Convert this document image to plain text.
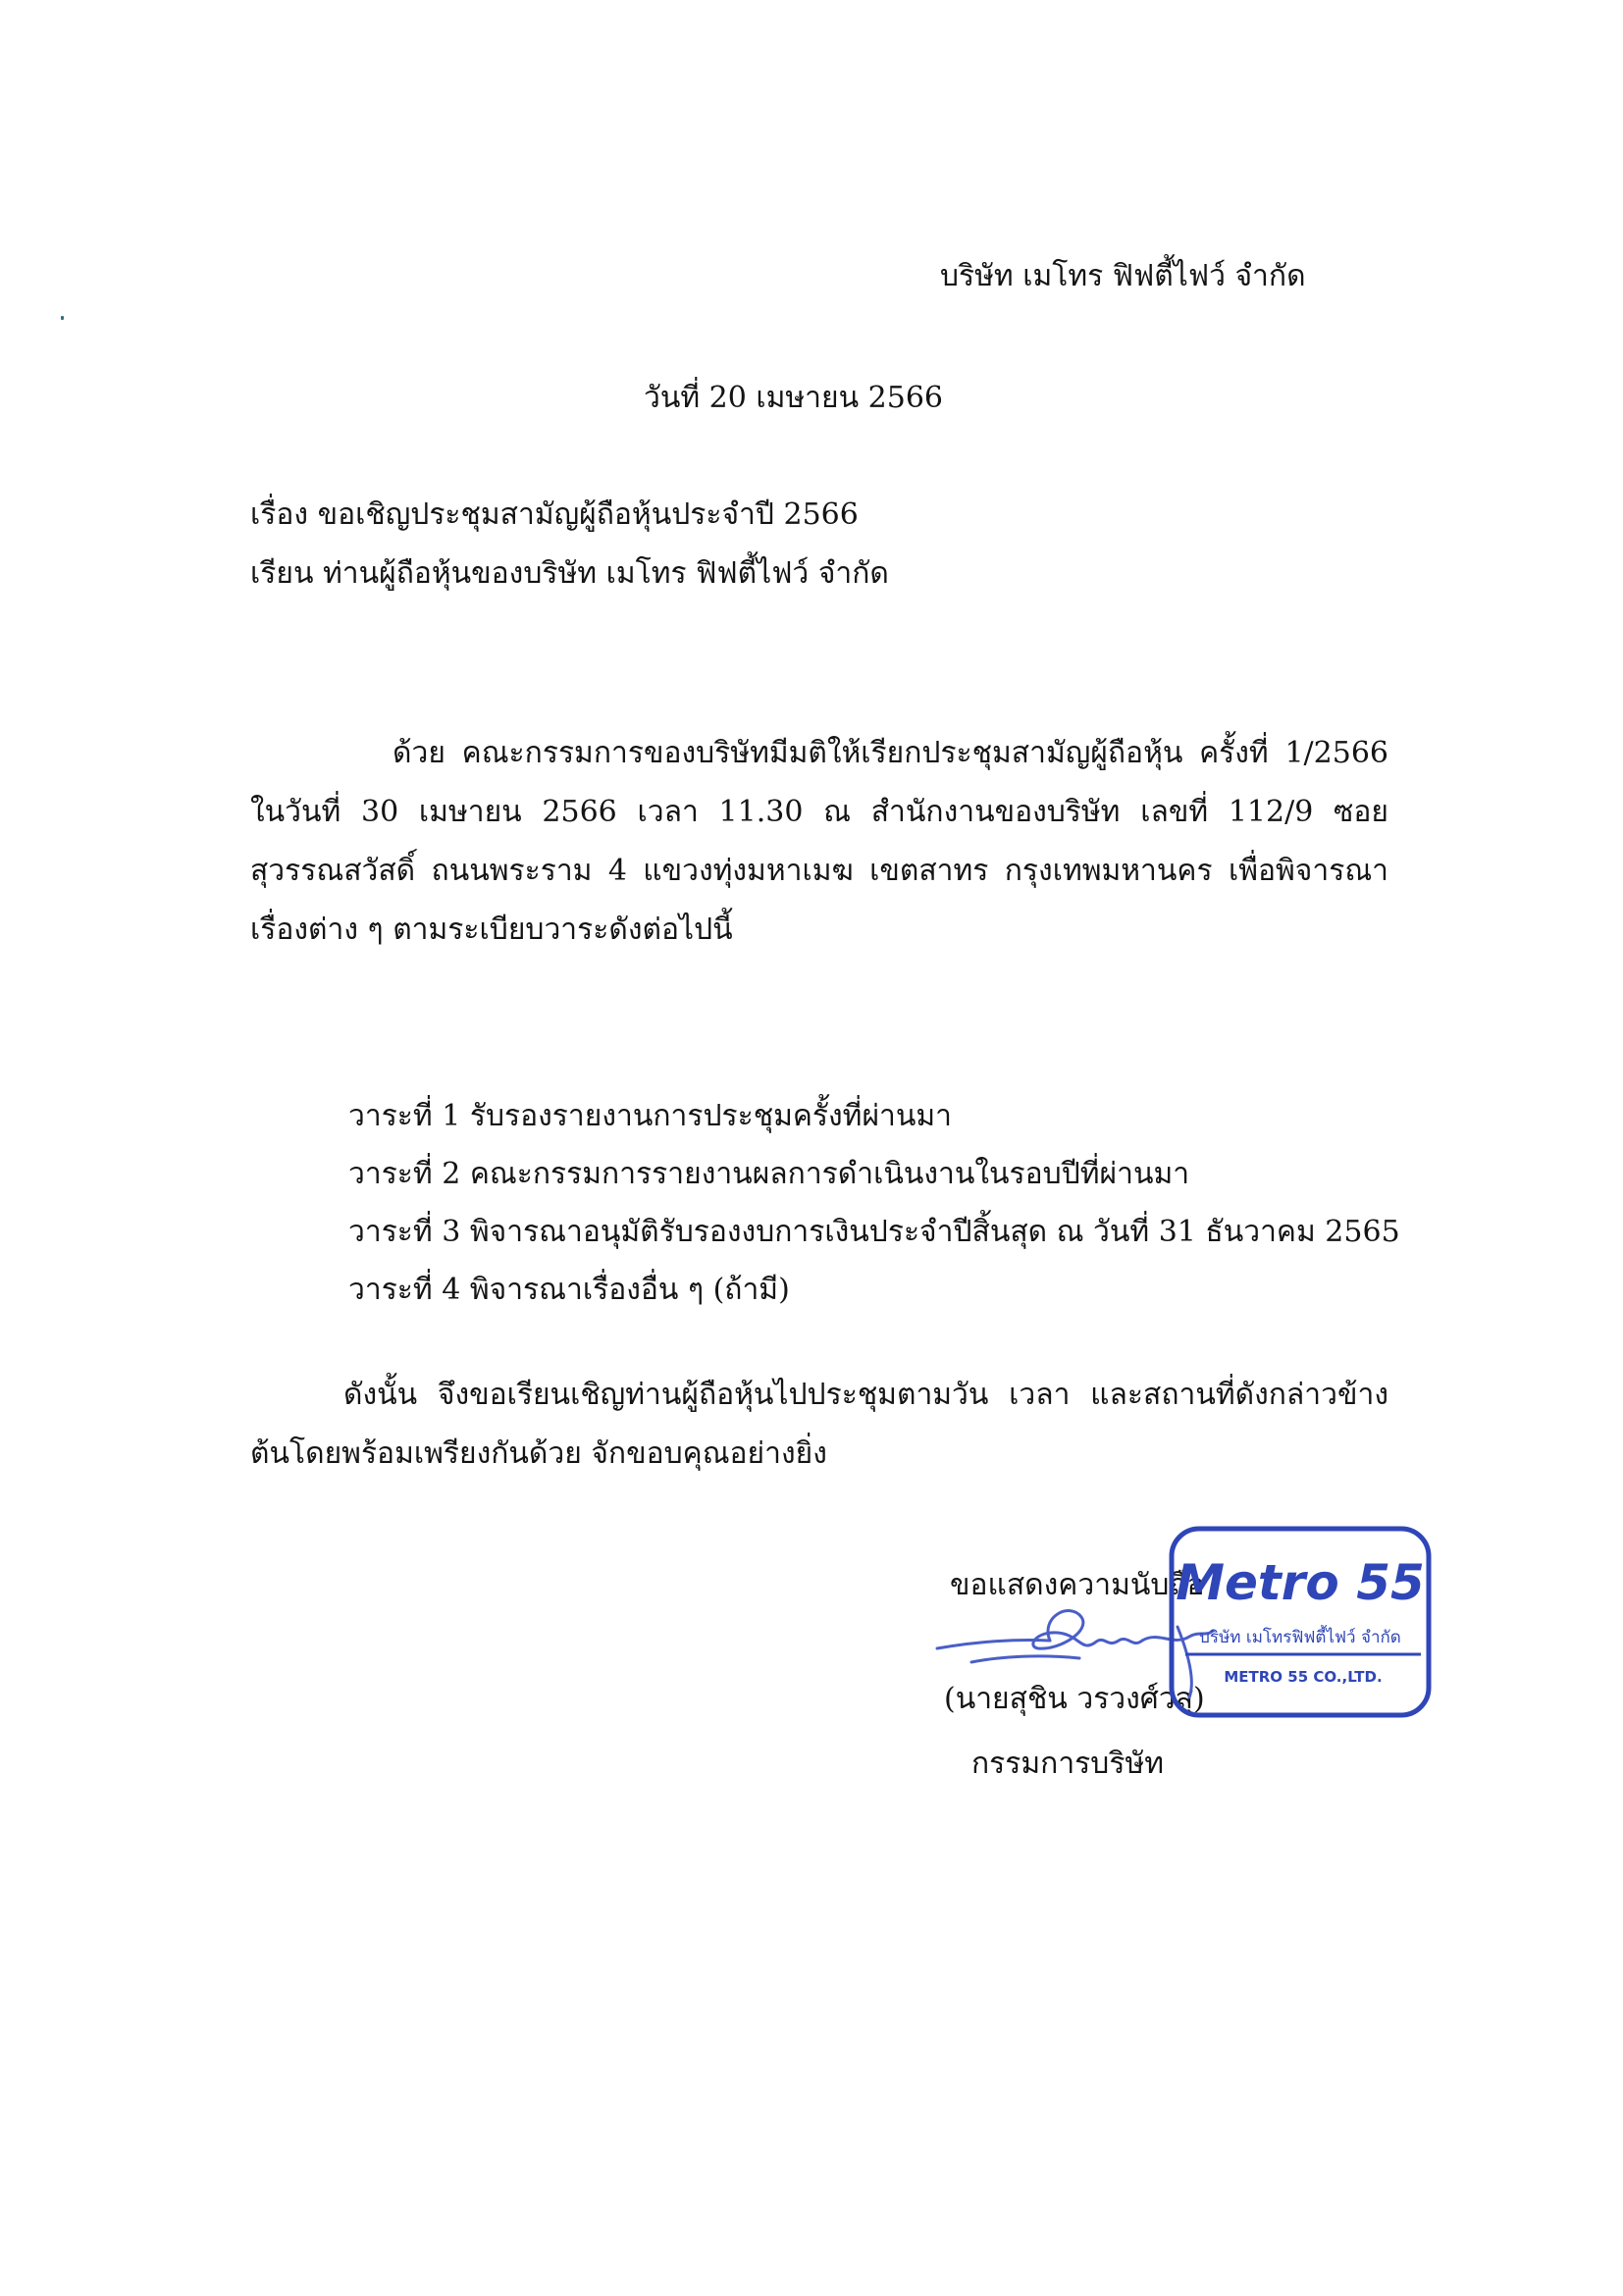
บริษัท เมโทร ฟิฟตี้ไฟว์ จำกัด
วันที่ 20 เมษายน 2566
เรื่อง ขอเชิญประชุมสามัญผู้ถือหุ้นประจำปี 2566
เรียน ท่านผู้ถือหุ้นของบริษัท เมโทร ฟิฟตี้ไฟว์ จำกัด

ด้วย คณะกรรมการของบริษัทมีมติให้เรียกประชุมสามัญผู้ถือหุ้น ครั้งที่ 1/2566 ในวันที่ 30 เมษายน 2566 เวลา 11.30 ณ สำนักงานของบริษัท เลขที่ 112/9 ซอยสุวรรณสวัสดิ์ ถนนพระราม 4 แขวงทุ่งมหาเมฆ เขตสาทร กรุงเทพมหานคร เพื่อพิจารณาเรื่องต่าง ๆ ตามระเบียบวาระดังต่อไปนี้

วาระที่ 1 รับรองรายงานการประชุมครั้งที่ผ่านมา
วาระที่ 2 คณะกรรมการรายงานผลการดำเนินงานในรอบปีที่ผ่านมา
วาระที่ 3 พิจารณาอนุมัติรับรองงบการเงินประจำปีสิ้นสุด ณ วันที่ 31 ธันวาคม 2565
วาระที่ 4 พิจารณาเรื่องอื่น ๆ (ถ้ามี)

ดังนั้น จึงขอเรียนเชิญท่านผู้ถือหุ้นไปประชุมตามวัน เวลา และสถานที่ดังกล่าวข้างต้นโดยพร้อมเพรียงกันด้วย จักขอบคุณอย่างยิ่ง

ขอแสดงความนับถือ
(นายสุชิน วรวงศ์วสุ)
กรรมการบริษัท
Metro 55
บริษัท เมโทรฟิฟตี้ไฟว์ จำกัด
METRO 55 CO.,LTD.
